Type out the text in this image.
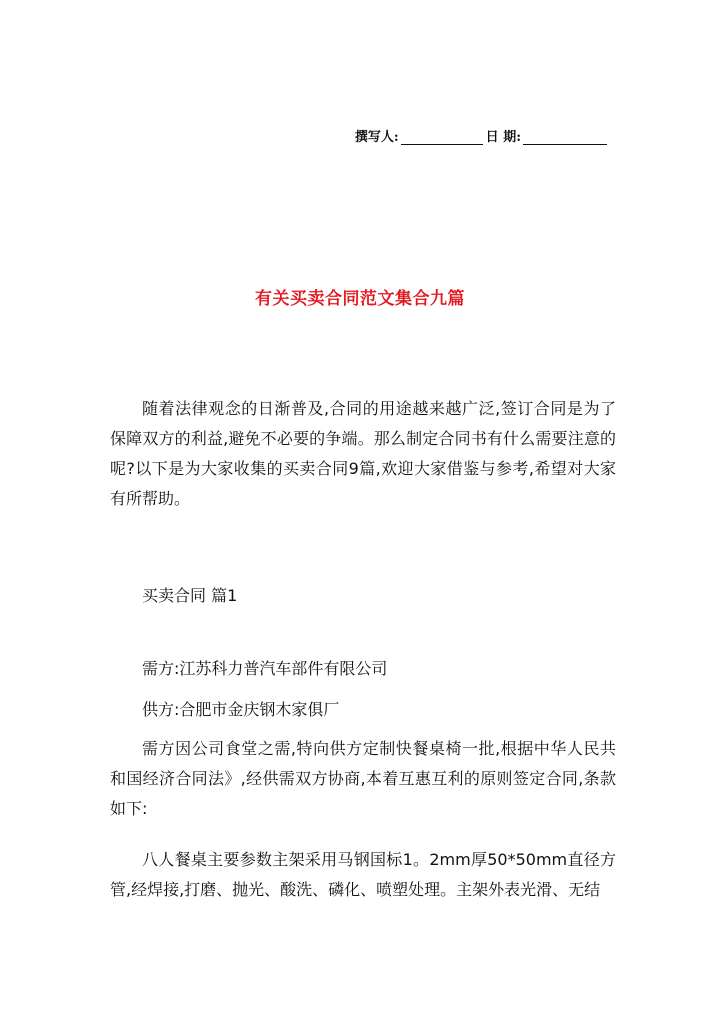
撰写人:	日 期:
有关买卖合同范文集合九篇

随着法律观念的日渐普及,合同的用途越来越广泛,签订合同是为了保障双方的利益,避免不必要的争端。那么制定合同书有什么需要注意的呢?以下是为大家收集的买卖合同9篇,欢迎大家借鉴与参考,希望对大家有所帮助。

买卖合同 篇1

需方:江苏科力普汽车部件有限公司

供方:合肥市金庆钢木家俱厂

需方因公司食堂之需,特向供方定制快餐桌椅一批,根据中华人民共和国经济合同法》,经供需双方协商,本着互惠互利的原则签定合同,条款如下:

八人餐桌主要参数主架采用马钢国标1。2mm厚50*50mm直径方管,经焊接,打磨、抛光、酸洗、磷化、喷塑处理。主架外表光滑、无结
